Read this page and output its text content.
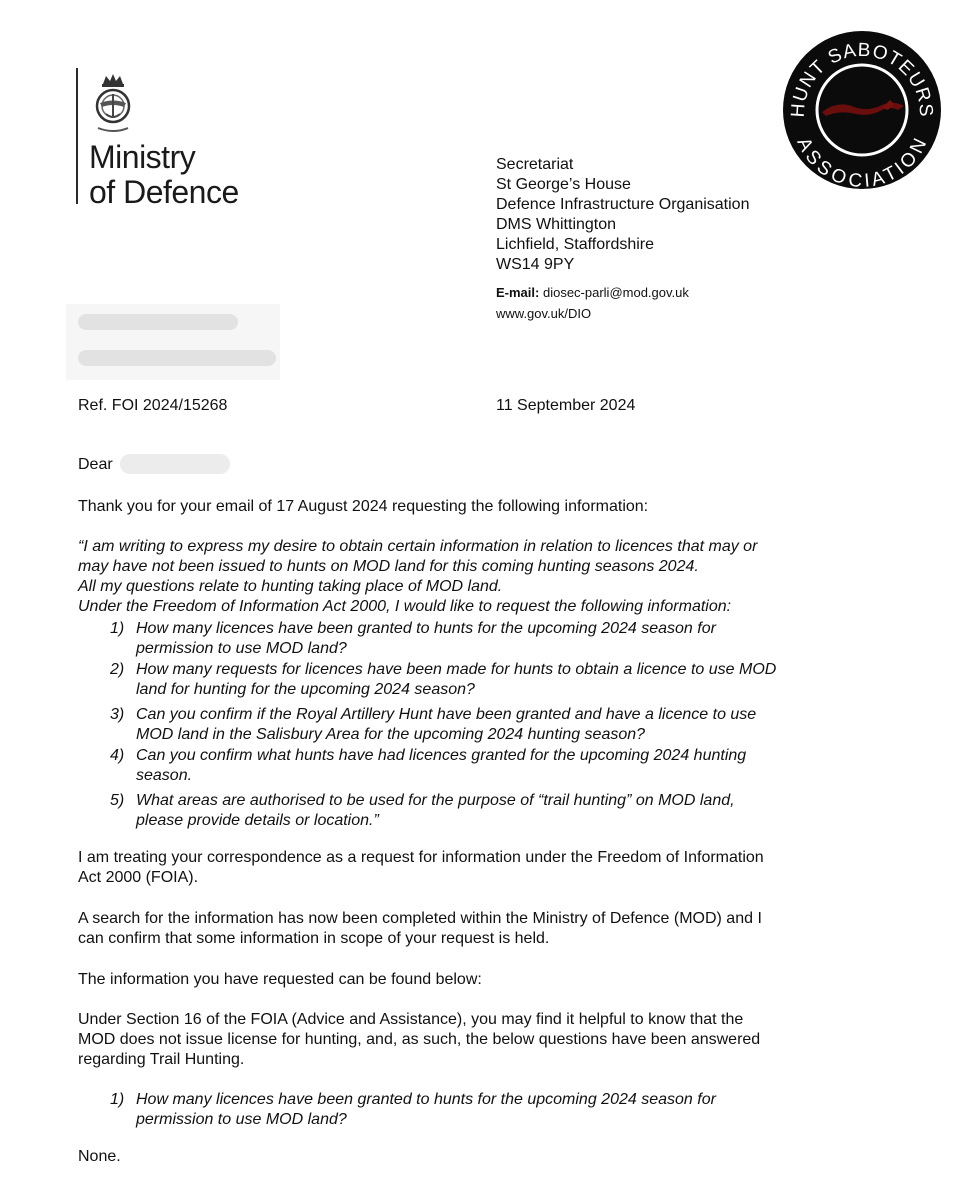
Ministry
of Defence
HUNT SABOTEURS
ASSOCIATION
Secretariat
St George’s House
Defence Infrastructure Organisation
DMS Whittington
Lichfield, Staffordshire
WS14 9PY
E-mail: diosec-parli@mod.gov.uk
www.gov.uk/DIO
Ref. FOI 2024/15268	11 September 2024
Dear
Thank you for your email of 17 August 2024 requesting the following information:
“I am writing to express my desire to obtain certain information in relation to licences that may or
may have not been issued to hunts on MOD land for this coming hunting seasons 2024.
All my questions relate to hunting taking place of MOD land.
Under the Freedom of Information Act 2000, I would like to request the following information:
1) How many licences have been granted to hunts for the upcoming 2024 season for
permission to use MOD land?
2) How many requests for licences have been made for hunts to obtain a licence to use MOD
land for hunting for the upcoming 2024 season?
3) Can you confirm if the Royal Artillery Hunt have been granted and have a licence to use
MOD land in the Salisbury Area for the upcoming 2024 hunting season?
4) Can you confirm what hunts have had licences granted for the upcoming 2024 hunting
season.
5) What areas are authorised to be used for the purpose of “trail hunting” on MOD land,
please provide details or location.”
I am treating your correspondence as a request for information under the Freedom of Information
Act 2000 (FOIA).
A search for the information has now been completed within the Ministry of Defence (MOD) and I
can confirm that some information in scope of your request is held.
The information you have requested can be found below:
Under Section 16 of the FOIA (Advice and Assistance), you may find it helpful to know that the
MOD does not issue license for hunting, and, as such, the below questions have been answered
regarding Trail Hunting.
1) How many licences have been granted to hunts for the upcoming 2024 season for
permission to use MOD land?
None.
